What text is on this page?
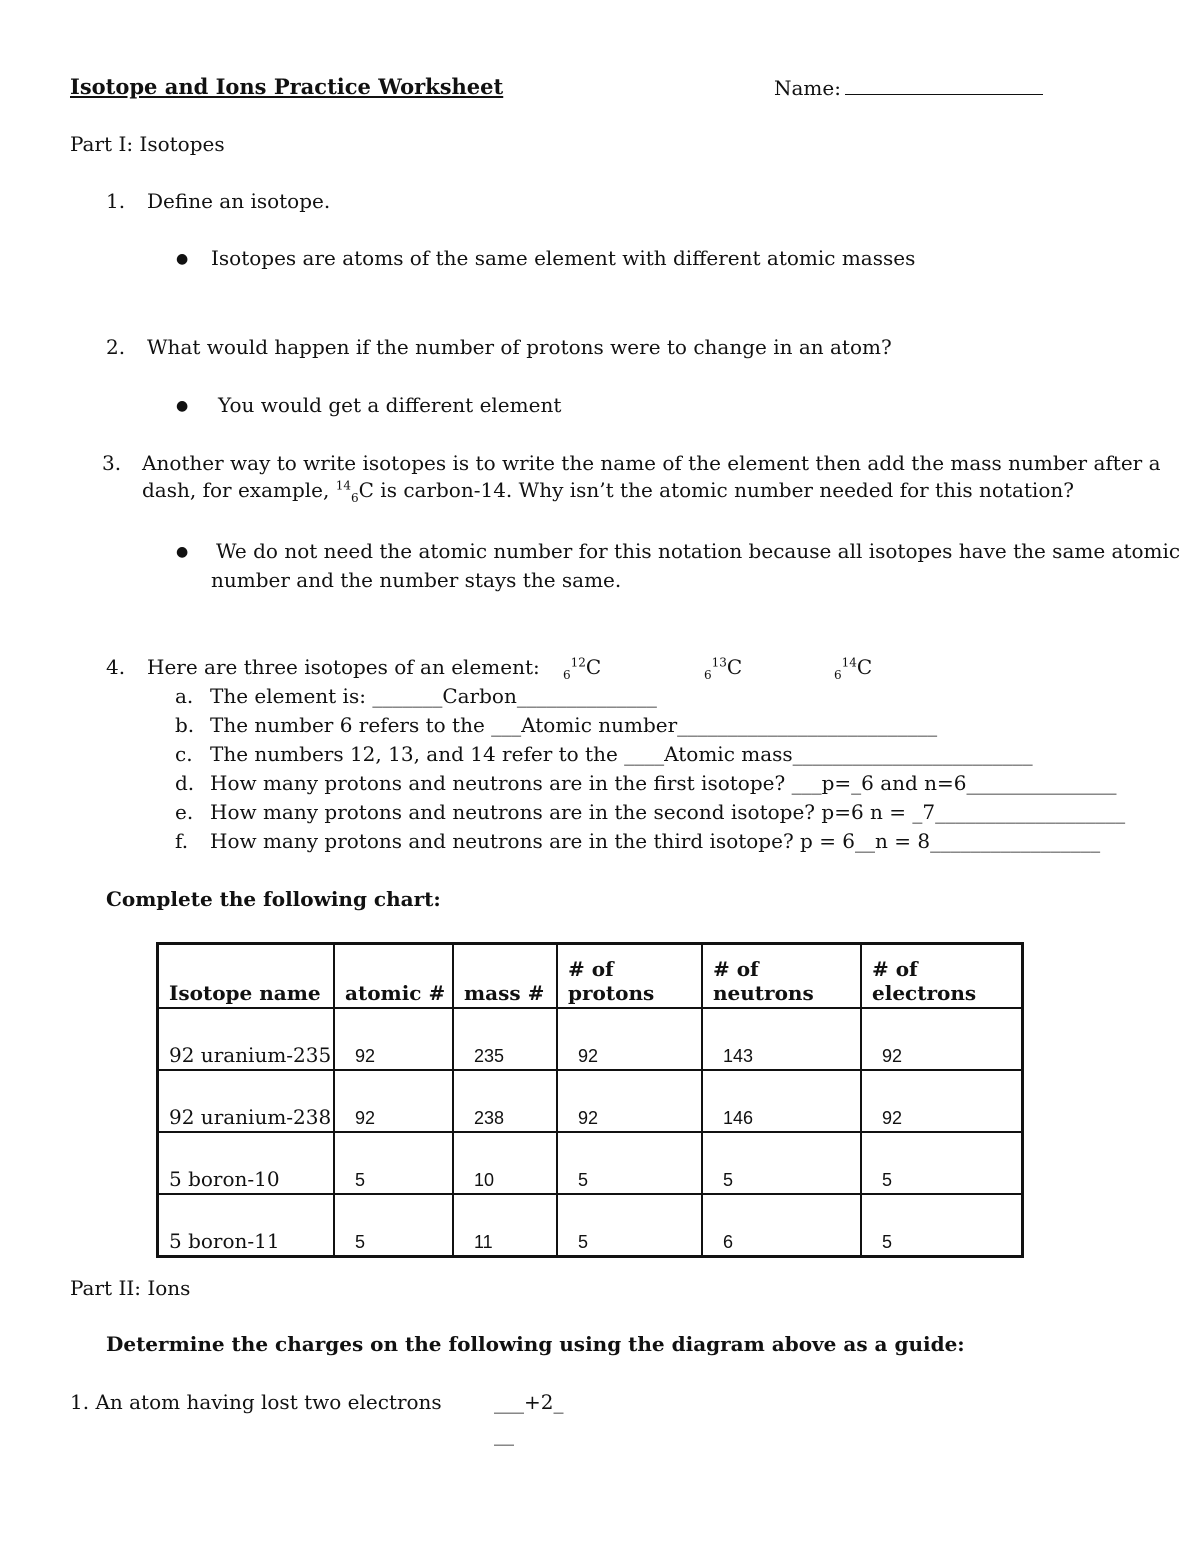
Isotope and Ions Practice Worksheet	Name:
Part I: Isotopes
1. Define an isotope.
● Isotopes are atoms of the same element with different atomic masses
2. What would happen if the number of protons were to change in an atom?
● You would get a different element
3. Another way to write isotopes is to write the name of the element then add the mass number after a
dash, for example, $^{14}_6$C is carbon-14. Why isn’t the atomic number needed for this notation?
● We do not need the atomic number for this notation because all isotopes have the same atomic
number and the number stays the same.
4. Here are three isotopes of an element: $_6^{12}$C	$_6^{13}$C	$_6^{14}$C
a. The element is: _______Carbon______________
b. The number 6 refers to the ___Atomic number__________________________
c. The numbers 12, 13, and 14 refer to the ____Atomic mass________________________
d. How many protons and neutrons are in the first isotope? ___p=_6 and n=6_______________
e. How many protons and neutrons are in the second isotope? p=6 n = _7___________________
f. How many protons and neutrons are in the third isotope? p = 6__n = 8_________________
Complete the following chart:
Isotope name	atomic #	mass #	# of protons	# of neutrons	# of electrons
92 uranium-235	92	235	92	143	92
92 uranium-238	92	238	92	146	92
5 boron-10	5	10	5	5	5
5 boron-11	5	11	5	6	5
Part II: Ions
Determine the charges on the following using the diagram above as a guide:
1. An atom having lost two electrons	___+2_
__
